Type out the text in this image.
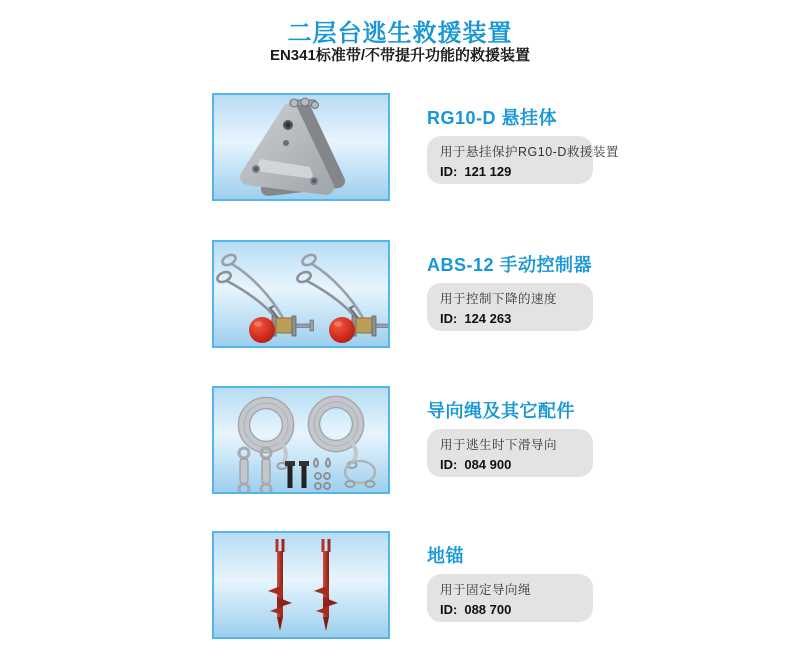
二层台逃生救援装置

EN341标准带/不带提升功能的救援装置

RG10-D 悬挂体

用于悬挂保护RG10-D救援装置

ID: 121 129

ABS-12 手动控制器

用于控制下降的速度

ID: 124 263

导向绳及其它配件

用于逃生时下滑导向

ID: 084 900

地锚

用于固定导向绳

ID: 088 700
